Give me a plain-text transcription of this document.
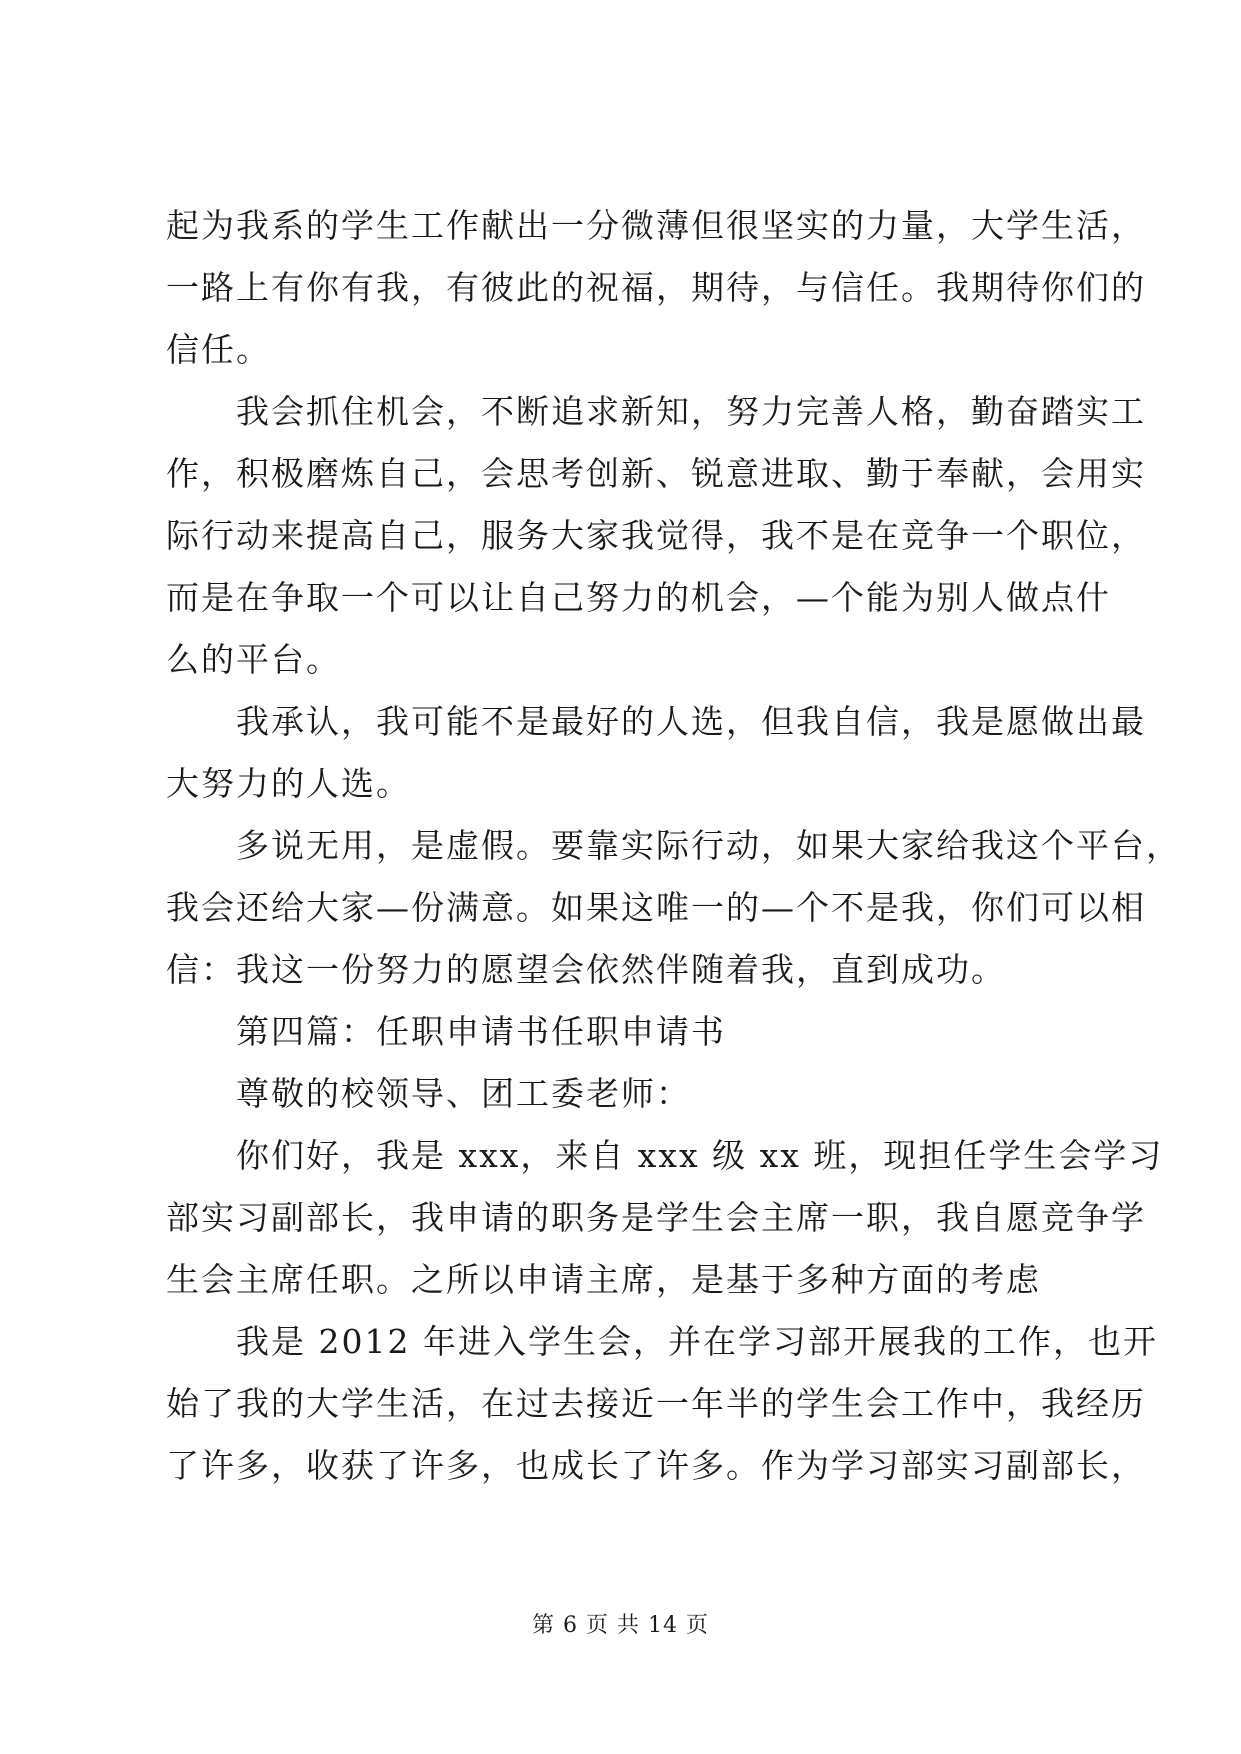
起为我系的学生工作献出一分微薄但很坚实的力量，大学生活，
一路上有你有我，有彼此的祝福，期待，与信任。我期待你们的
信任。
　　我会抓住机会，不断追求新知，努力完善人格，勤奋踏实工
作，积极磨炼自己，会思考创新、锐意进取、勤于奉献，会用实
际行动来提高自己，服务大家我觉得，我不是在竞争一个职位，
而是在争取一个可以让自己努力的机会，—个能为别人做点什
么的平台。
　　我承认，我可能不是最好的人选，但我自信，我是愿做出最
大努力的人选。
　　多说无用，是虚假。要靠实际行动，如果大家给我这个平台，
我会还给大家—份满意。如果这唯一的—个不是我，你们可以相
信：我这一份努力的愿望会依然伴随着我，直到成功。
　　第四篇：任职申请书任职申请书
　　尊敬的校领导、团工委老师：
　　你们好，我是 xxx，来自 xxx 级 xx 班，现担任学生会学习
部实习副部长，我申请的职务是学生会主席一职，我自愿竞争学
生会主席任职。之所以申请主席，是基于多种方面的考虑
　　我是 2012 年进入学生会，并在学习部开展我的工作，也开
始了我的大学生活，在过去接近一年半的学生会工作中，我经历
了许多，收获了许多，也成长了许多。作为学习部实习副部长，
第 6 页 共 14 页
